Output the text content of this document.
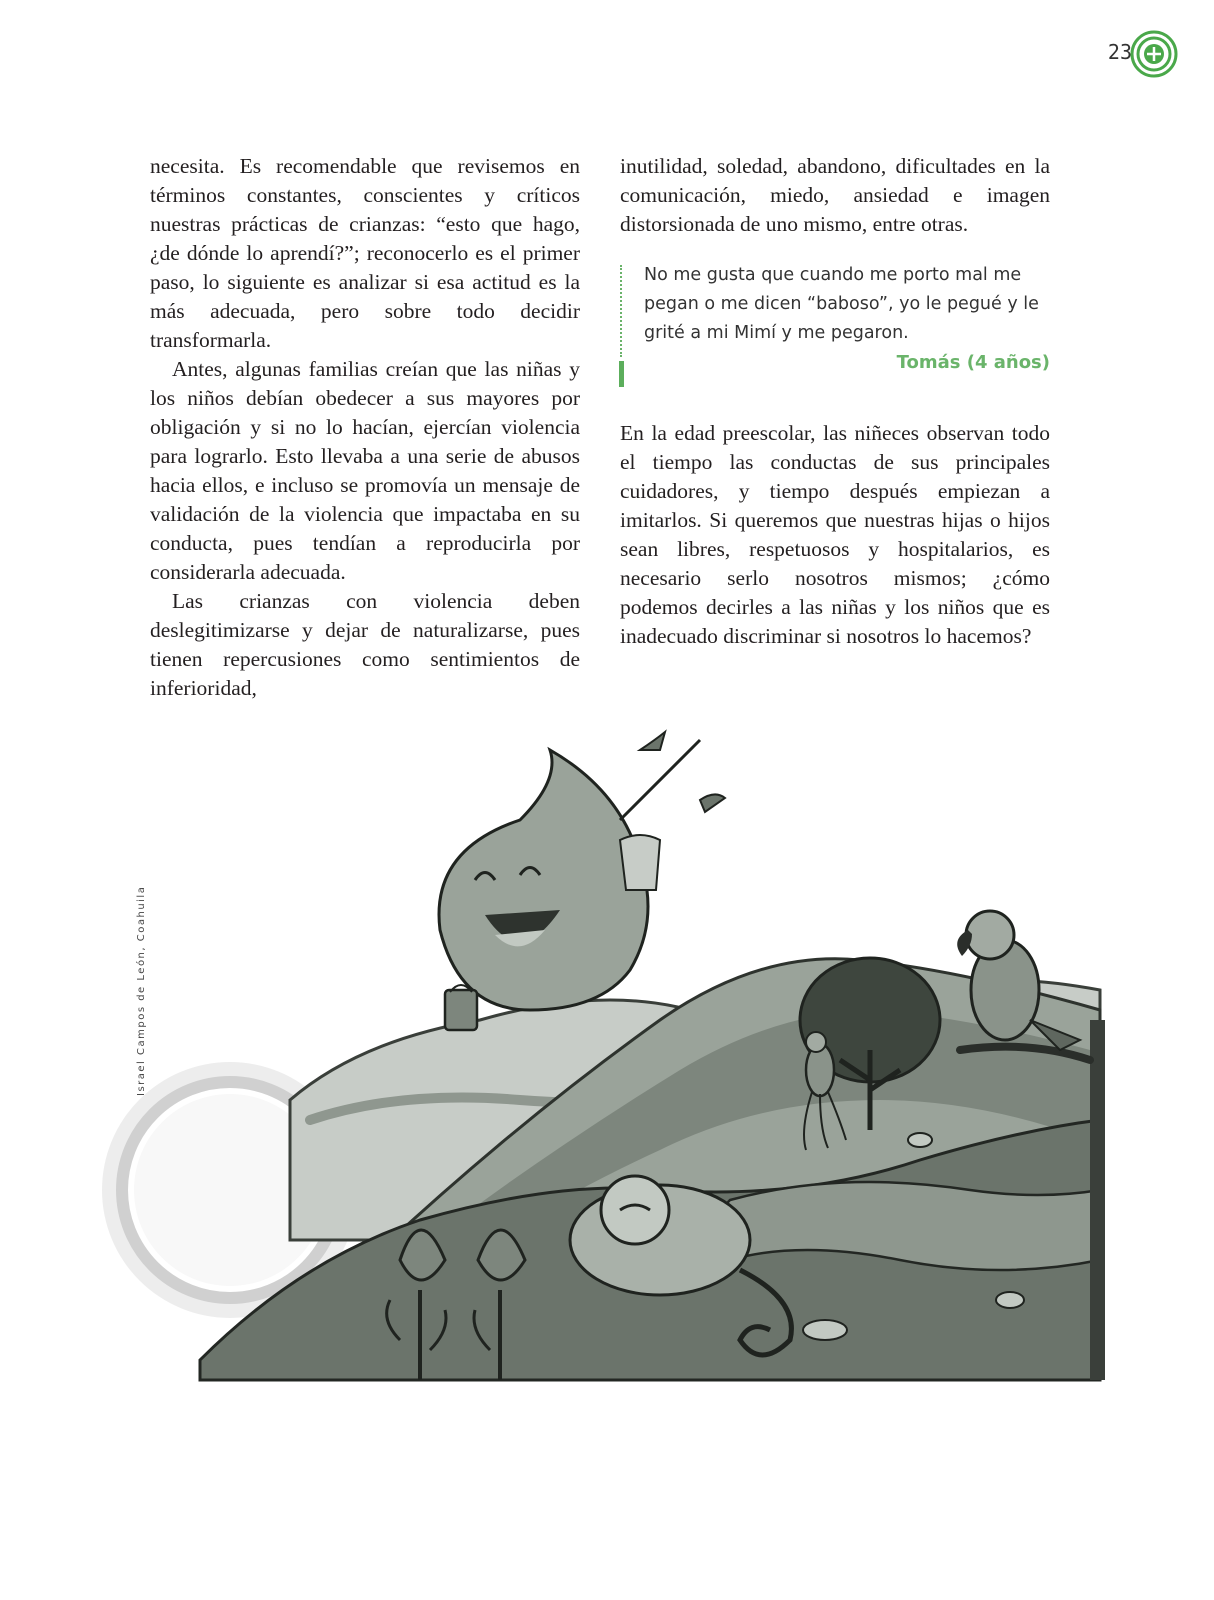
23

necesita. Es recomendable que revisemos en términos constantes, conscientes y críticos nuestras prácticas de crianzas: “esto que hago, ¿de dónde lo aprendí?”; reconocerlo es el primer paso, lo siguiente es analizar si esa actitud es la más adecuada, pero sobre todo decidir transformarla.

Antes, algunas familias creían que las niñas y los niños debían obedecer a sus mayores por obligación y si no lo hacían, ejercían violencia para lograrlo. Esto llevaba a una serie de abusos hacia ellos, e incluso se promovía un mensaje de validación de la violencia que impactaba en su conducta, pues tendían a reproducirla por considerarla adecuada.

Las crianzas con violencia deben deslegitimizarse y dejar de naturalizarse, pues tienen repercusiones como sentimientos de inferioridad,

inutilidad, soledad, abandono, dificultades en la comunicación, miedo, ansiedad e imagen distorsionada de uno mismo, entre otras.

No me gusta que cuando me porto mal me pegan o me dicen “baboso”, yo le pegué y le grité a mi Mimí y me pegaron.

Tomás (4 años)

En la edad preescolar, las niñeces observan todo el tiempo las conductas de sus principales cuidadores, y tiempo después empiezan a imitarlos. Si queremos que nuestras hijas o hijos sean libres, respetuosos y hospitalarios, es necesario serlo nosotros mismos; ¿cómo podemos decirles a las niñas y los niños que es inadecuado discriminar si nosotros lo hacemos?

Israel Campos de León, Coahuila
